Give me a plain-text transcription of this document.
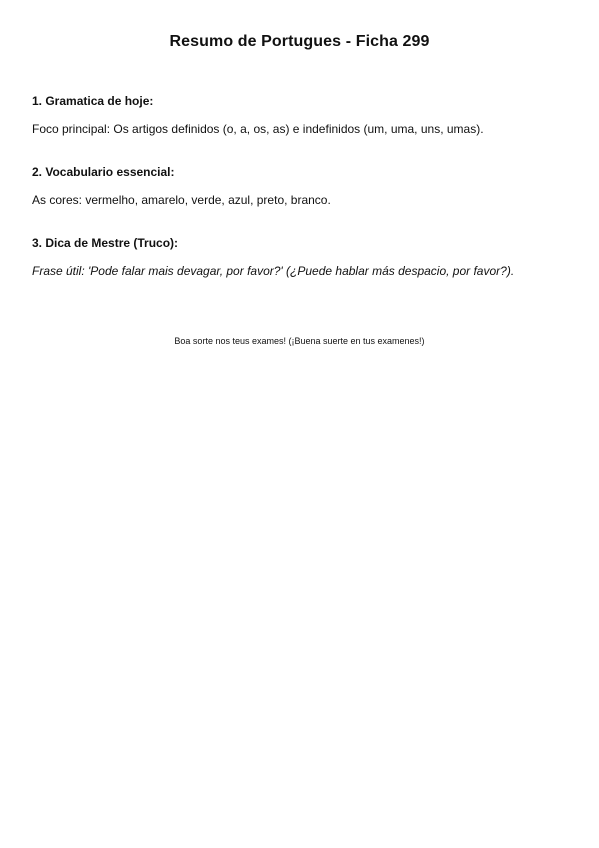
Resumo de Portugues - Ficha 299
1. Gramatica de hoje:
Foco principal: Os artigos definidos (o, a, os, as) e indefinidos (um, uma, uns, umas).
2. Vocabulario essencial:
As cores: vermelho, amarelo, verde, azul, preto, branco.
3. Dica de Mestre (Truco):
Frase útil: 'Pode falar mais devagar, por favor?' (¿Puede hablar más despacio, por favor?).
Boa sorte nos teus exames! (¡Buena suerte en tus examenes!)
